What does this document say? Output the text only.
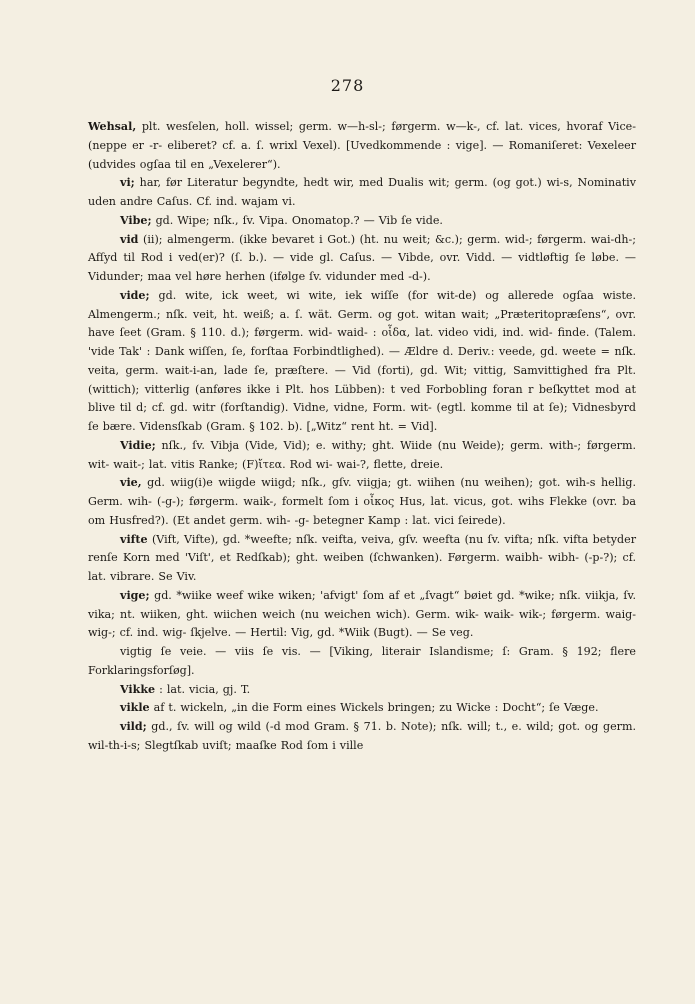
278

Wehsal, plt. wesſelen, holl. wissel; germ. w—h-sl-; førgerm. w—k-, cf. lat. vices, hvoraf Vice- (neppe er -r- eliberet? cf. a. ſ. wrixl Vexel). [Uvedkommende : vige]. — Romaniſeret: Vexeleer (udvides ogſaa til en „Vexelerer“).

vi; har, før Literatur begyndte, hedt wir, med Dualis wit; germ. (og got.) wi-s, Nominativ uden andre Caſus. Cf. ind. wajam vi.

Vibe; gd. Wipe; nſk., ſv. Vipa. Onomatop.? — Vib ſe vide.

vid (ii); almengerm. (ikke bevaret i Got.) (ht. nu weit; &c.); germ. wid-; førgerm. wai-dh-; Afſyd til Rod i ved(er)? (ſ. b.). — vide gl. Caſus. — Vibde, ovr. Vidd. — vidtløftig ſe løbe. — Vidunder; maa vel høre herhen (ifølge ſv. vidunder med -d-).

vide; gd. wite, ick weet, wi wite, iek wiſſe (for wit-de) og allerede ogſaa wiste. Almengerm.; nſk. veit, ht. weiß; a. ſ. wät. Germ. og got. witan wait; „Præteritopræſens“, ovr. have ſeet (Gram. § 110. d.); førgerm. wid- waid- : οἶδα, lat. video vidi, ind. wid- finde. (Talem. 'vide Tak' : Dank wiſſen, ſe, forſtaa Forbindtlighed). — Ældre d. Deriv.: veede, gd. weete = nſk. veita, germ. wait-i-an, lade ſe, præſtere. — Vid (forti), gd. Wit; vittig, Samvittighed fra Plt. (wittich); vitterlig (anføres ikke i Plt. hos Lübben): t ved Forbobling foran r beſkyttet mod at blive til d; cf. gd. witr (forſtandig). Vidne, vidne, Form. wit- (egtl. komme til at ſe); Vidnesbyrd ſe bære. Vidensſkab (Gram. § 102. b). [„Witz“ rent ht. = Vid].

Vidie; nſk., ſv. Vibja (Vide, Vid); e. withy; ght. Wiide (nu Weide); germ. with-; førgerm. wit- wait-; lat. vitis Ranke; (F)ἴτεα. Rod wi- wai-?, flette, dreie.

vie, gd. wiig(i)e wiigde wiigd; nſk., gſv. viigja; gt. wiihen (nu weihen); got. wih-s hellig. Germ. wih- (-g-); førgerm. waik-, formelt ſom i οἶκος Hus, lat. vicus, got. wihs Flekke (ovr. ba om Husfred?). (Et andet germ. wih- -g- betegner Kamp : lat. vici ſeirede).

vifte (Vift, Vifte), gd. *weefte; nſk. veifta, veiva, gſv. weefta (nu ſv. vifta; nſk. vifta betyder renſe Korn med 'Viſt', et Redſkab); ght. weiben (ſchwanken). Førgerm. waibh- wibh- (-p-?); cf. lat. vibrare. Se Viv.

vige; gd. *wiike weef wike wiken; 'afvigt' ſom af et „ſvagt“ bøiet gd. *wike; nſk. viikja, ſv. vika; nt. wiiken, ght. wiichen weich (nu weichen wich). Germ. wik- waik- wik-; førgerm. waig- wig-; cf. ind. wig- ſkjelve. — Hertil: Vig, gd. *Wiik (Bugt). — Se veg.

vigtig ſe veie. — viis ſe vis. — [Viking, literair Islandisme; ſ: Gram. § 192; flere Forklaringsforſøg].

Vikke : lat. vicia, gj. T.

vikle af t. wickeln, „in die Form eines Wickels bringen; zu Wicke : Docht“; ſe Væge.

vild; gd., ſv. will og wild (-d mod Gram. § 71. b. Note); nſk. will; t., e. wild; got. og germ. wil-th-i-s; Slegtſkab uviſt; maaſke Rod ſom i ville
